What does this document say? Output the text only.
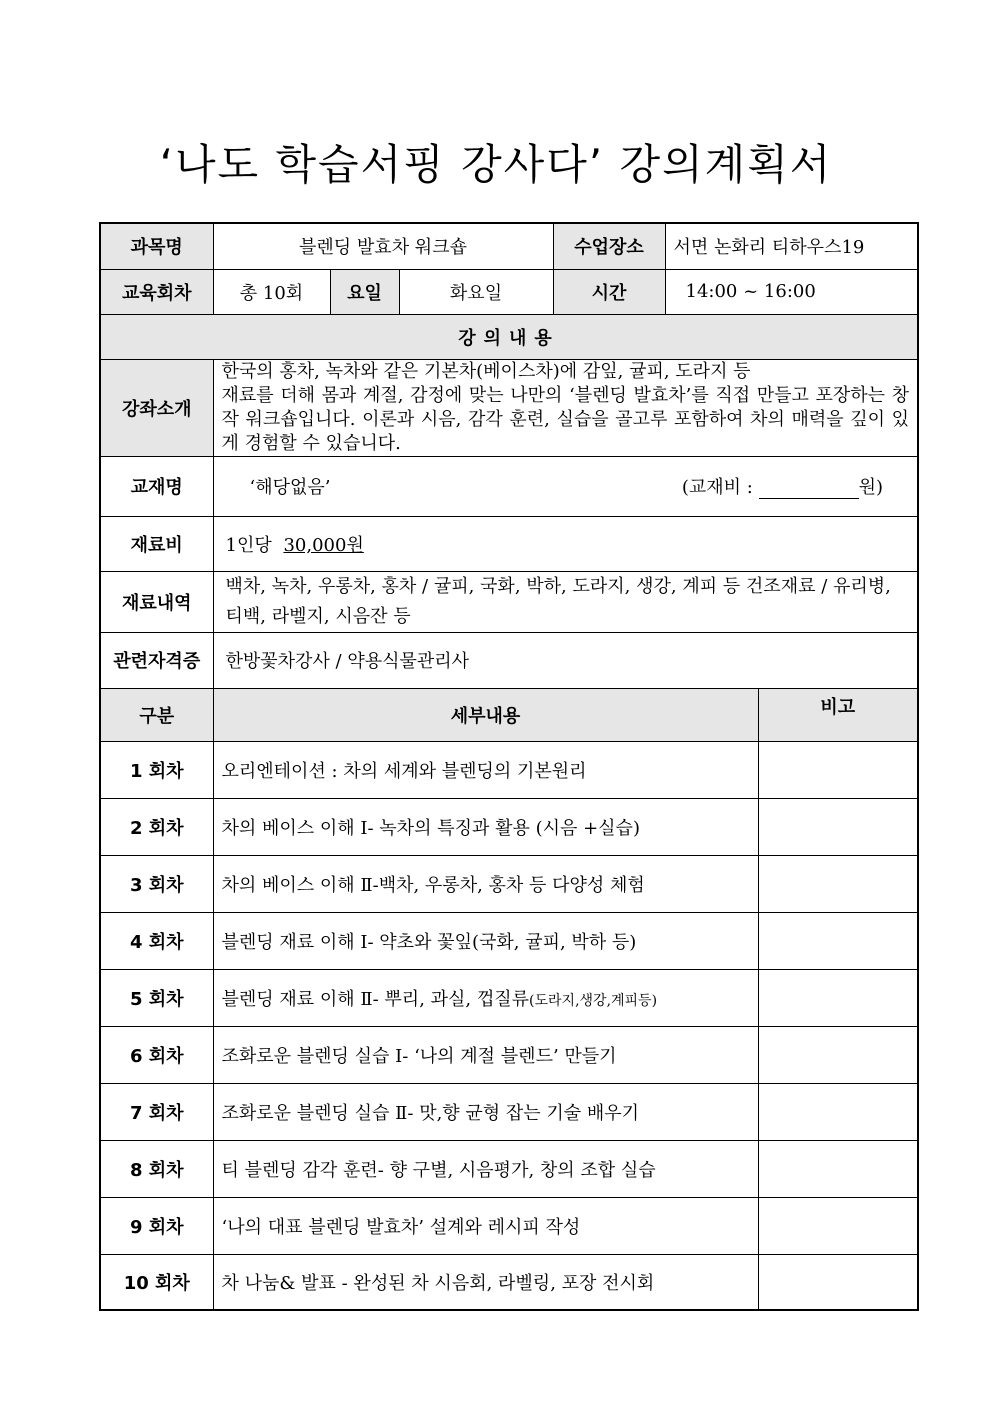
‘나도 학습서핑 강사다’ 강의계획서
과목명	블렌딩 발효차 워크숍			수업장소	서면 논화리 티하우스19	
교육회차	총 10회	요일	화요일	시간	14:00 ~ 16:00	
강의내용						
강좌소개	한국의 홍차, 녹차와 같은 기본차(베이스차)에 감잎, 귤피, 도라지 등
재료를 더해 몸과 계절, 감정에 맞는 나만의 ‘블렌딩 발효차’를 직접 만들고 포장하는 창작 워크숍입니다. 이론과 시음, 감각 훈련, 실습을 골고루 포함하여 차의 매력을 깊이 있게 경험할 수 있습니다.					

교재명	‘해당없음’ (교재비 : 원)					

재료비	1인당 30,000원					
재료내역	백차, 녹차, 우롱차, 홍차 / 귤피, 국화, 박하, 도라지, 생강, 계피 등 건조재료 / 유리병, 티백, 라벨지, 시음잔 등					
관련자격증	한방꽃차강사 / 약용식물관리사					
구분	세부내용					비고
1 회차	오리엔테이션 : 차의 세계와 블렌딩의 기본원리					
2 회차	차의 베이스 이해 Ⅰ- 녹차의 특징과 활용 (시음 +실습)					
3 회차	차의 베이스 이해 Ⅱ-백차, 우롱차, 홍차 등 다양성 체험					
4 회차	블렌딩 재료 이해 Ⅰ- 약초와 꽃잎(국화, 귤피, 박하 등)					
5 회차	블렌딩 재료 이해 Ⅱ- 뿌리, 과실, 껍질류(도라지,생강,계피등)					
6 회차	조화로운 블렌딩 실습 Ⅰ- ‘나의 계절 블렌드’ 만들기					
7 회차	조화로운 블렌딩 실습 Ⅱ- 맛,향 균형 잡는 기술 배우기					
8 회차	티 블렌딩 감각 훈련- 향 구별, 시음평가, 창의 조합 실습					
9 회차	‘나의 대표 블렌딩 발효차’ 설계와 레시피 작성					
10 회차	차 나눔& 발표 - 완성된 차 시음회, 라벨링, 포장 전시회					
